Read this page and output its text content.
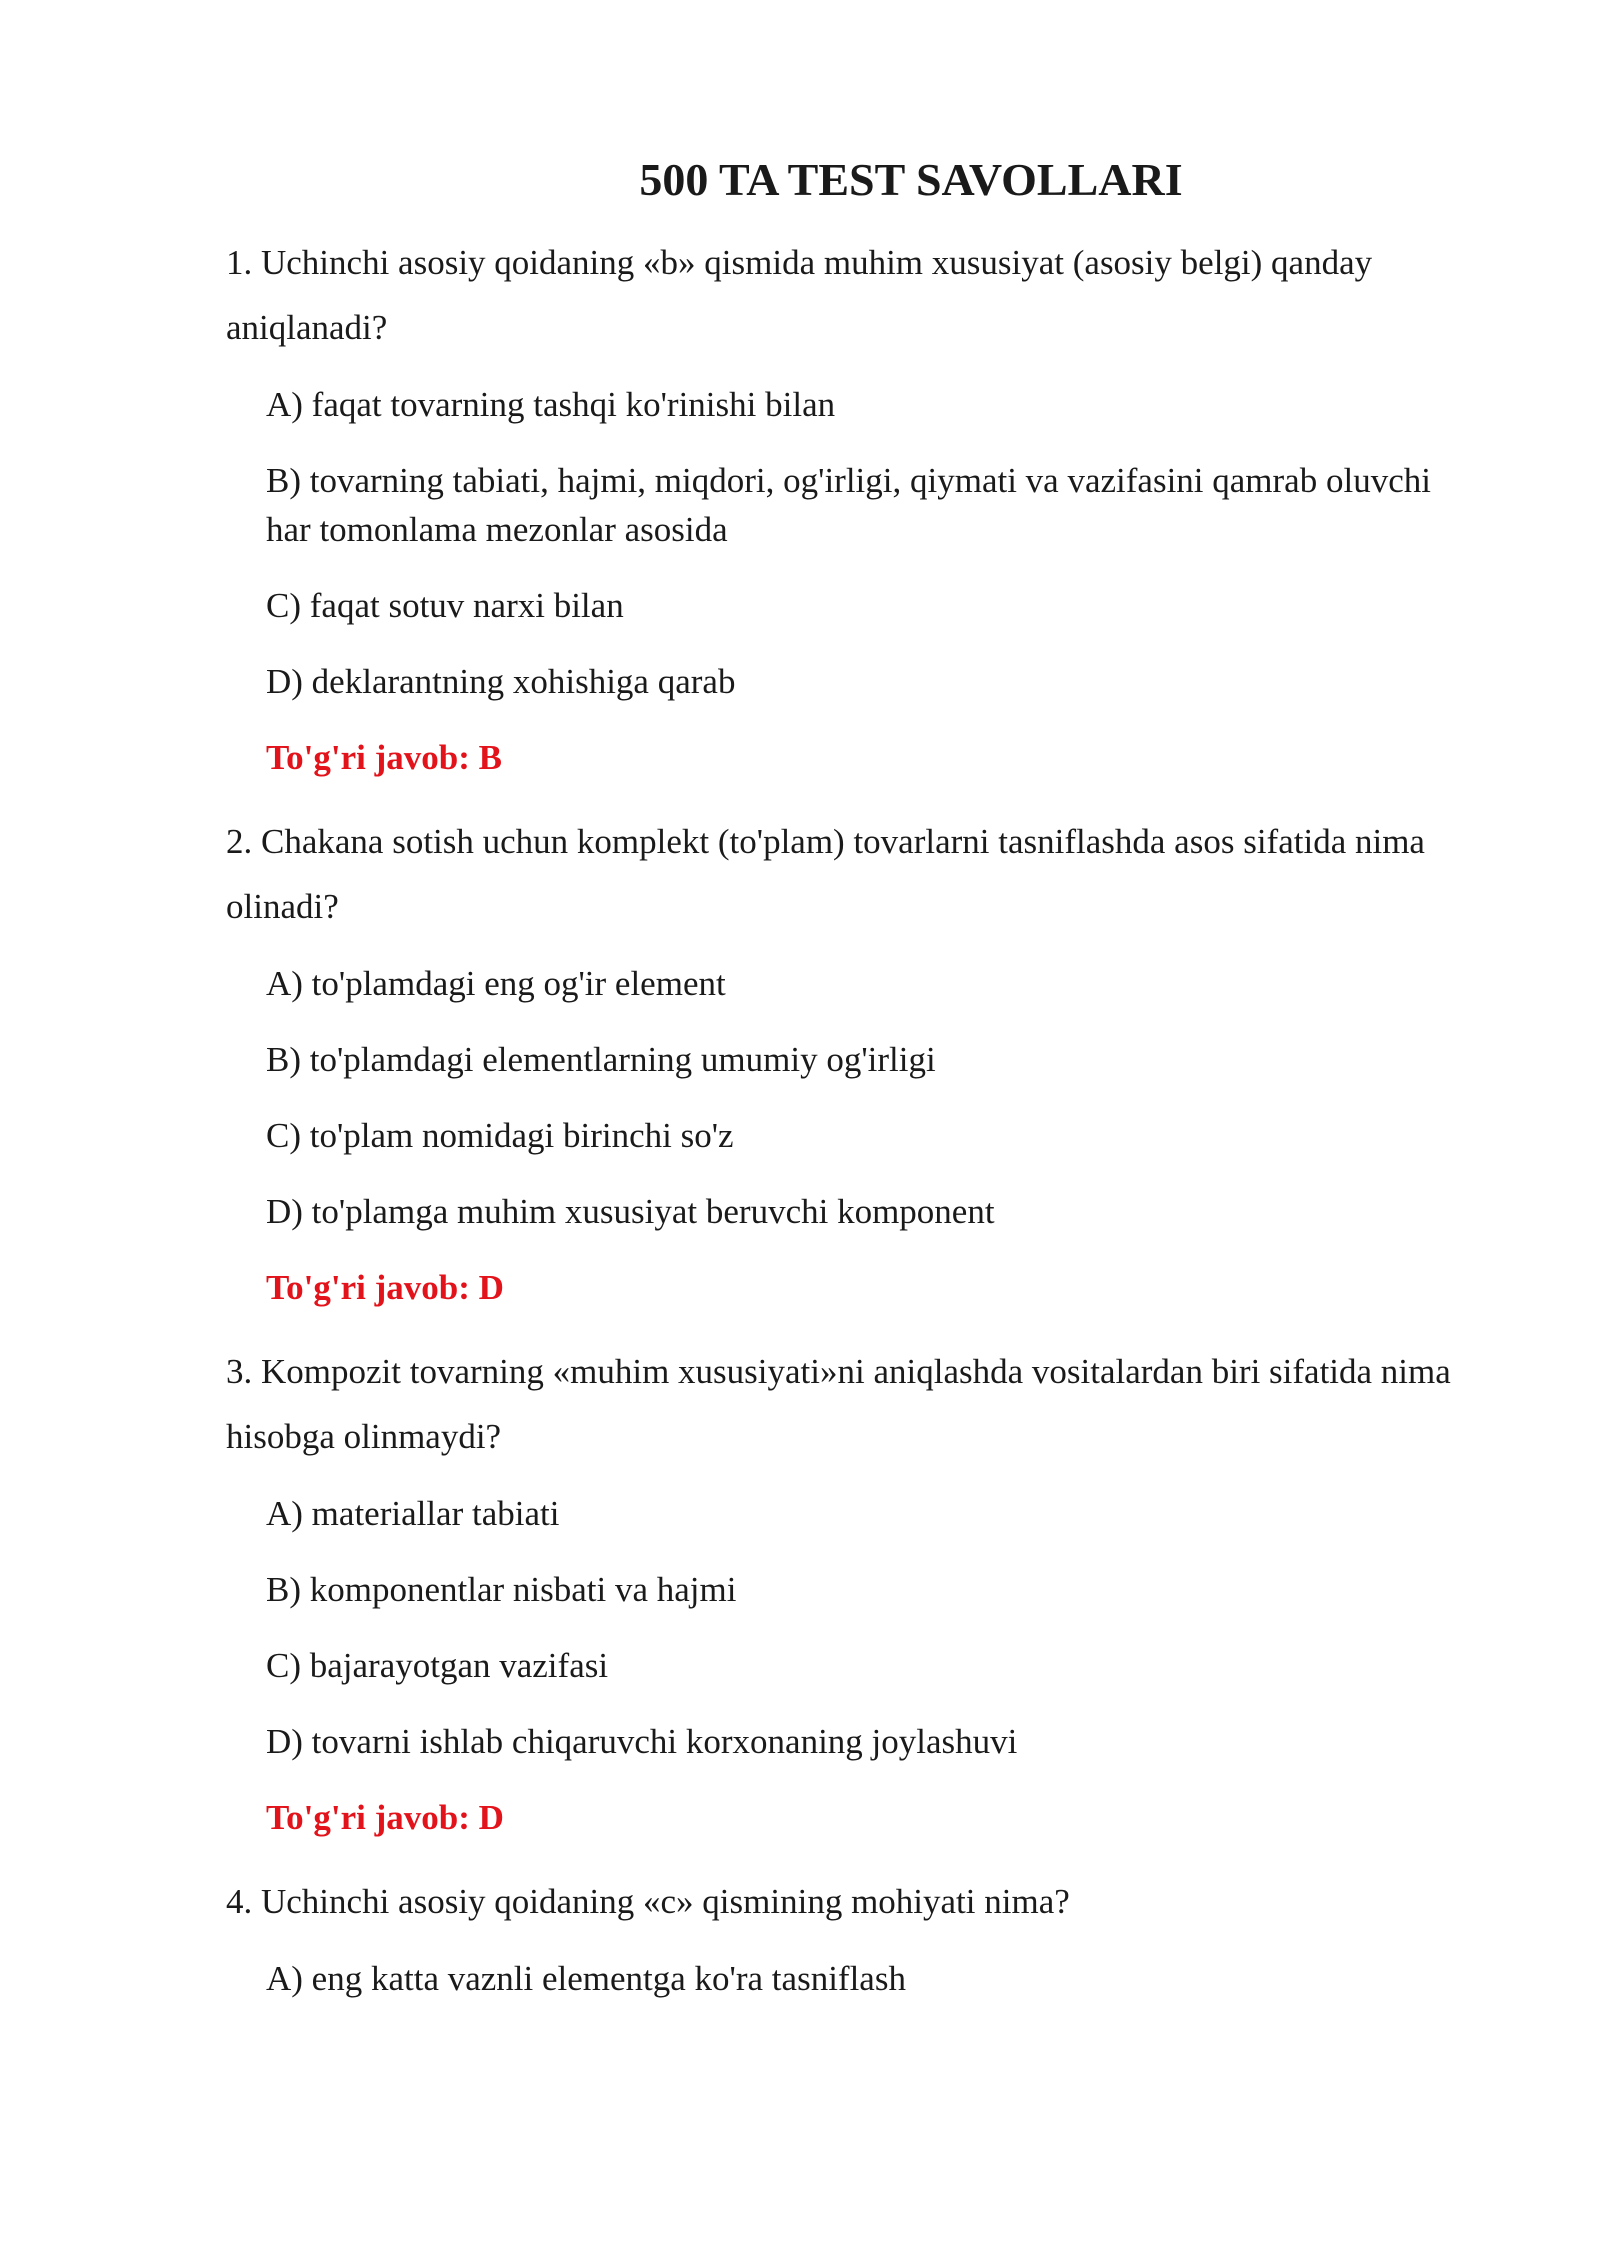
500 TA TEST SAVOLLARI

1. Uchinchi asosiy qoidaning «b» qismida muhim xususiyat (asosiy belgi) qanday aniqlanadi?

A) faqat tovarning tashqi ko'rinishi bilan
B) tovarning tabiati, hajmi, miqdori, og'irligi, qiymati va vazifasini qamrab oluvchi har tomonlama mezonlar asosida
C) faqat sotuv narxi bilan
D) deklarantning xohishiga qarab

To'g'ri javob: B

2. Chakana sotish uchun komplekt (to'plam) tovarlarni tasniflashda asos sifatida nima olinadi?

A) to'plamdagi eng og'ir element
B) to'plamdagi elementlarning umumiy og'irligi
C) to'plam nomidagi birinchi so'z
D) to'plamga muhim xususiyat beruvchi komponent

To'g'ri javob: D

3. Kompozit tovarning «muhim xususiyati»ni aniqlashda vositalardan biri sifatida nima hisobga olinmaydi?

A) materiallar tabiati
B) komponentlar nisbati va hajmi
C) bajarayotgan vazifasi
D) tovarni ishlab chiqaruvchi korxonaning joylashuvi

To'g'ri javob: D

4. Uchinchi asosiy qoidaning «c» qismining mohiyati nima?

A) eng katta vaznli elementga ko'ra tasniflash
